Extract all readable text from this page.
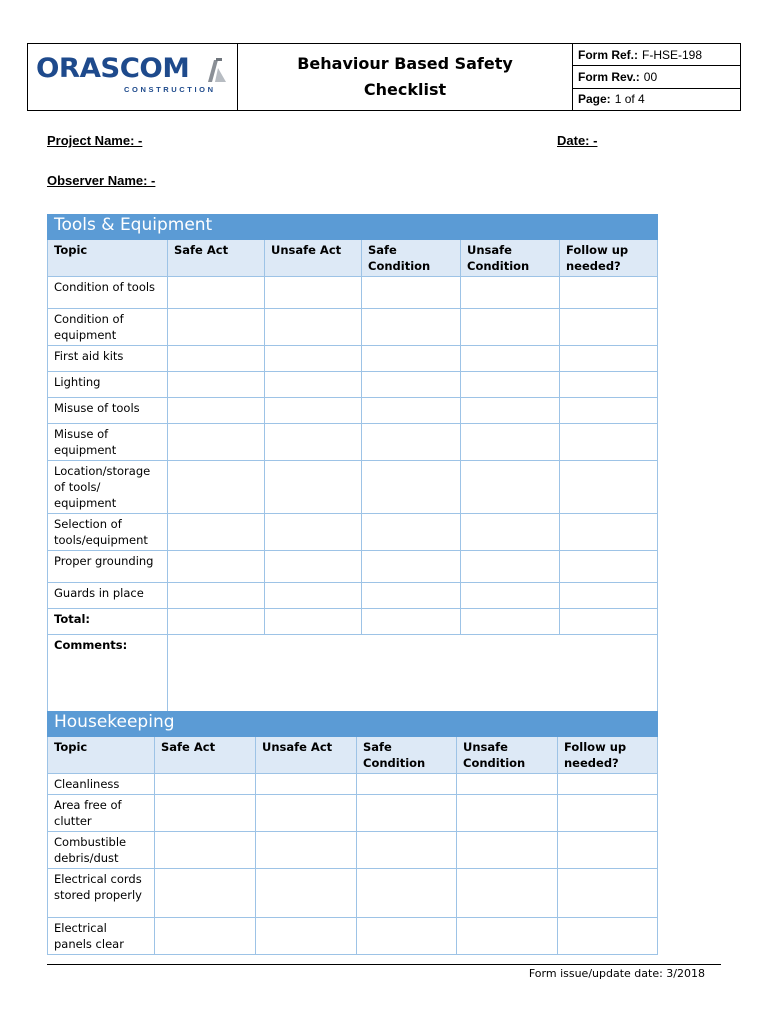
ORASCOM
CONSTRUCTION
Behaviour Based Safety Checklist
Form Ref.: F-HSE-198
Form Rev.: 00
Page: 1 of 4
Project Name: -	Date: -
Observer Name: -
Tools & Equipment					
Topic	Safe Act	Unsafe Act	Safe Condition	Unsafe Condition	Follow up needed?
Condition of tools					
Condition of equipment					
First aid kits					
Lighting					
Misuse of tools					
Misuse of equipment					
Location/storage of tools/ equipment					
Selection of tools/equipment					
Proper grounding					
Guards in place					
Total:					
Comments:					
Housekeeping					
Topic	Safe Act	Unsafe Act	Safe Condition	Unsafe Condition	Follow up needed?
Cleanliness					
Area free of clutter					
Combustible debris/dust					
Electrical cords stored properly					
Electrical panels clear					
Form issue/update date: 3/2018
